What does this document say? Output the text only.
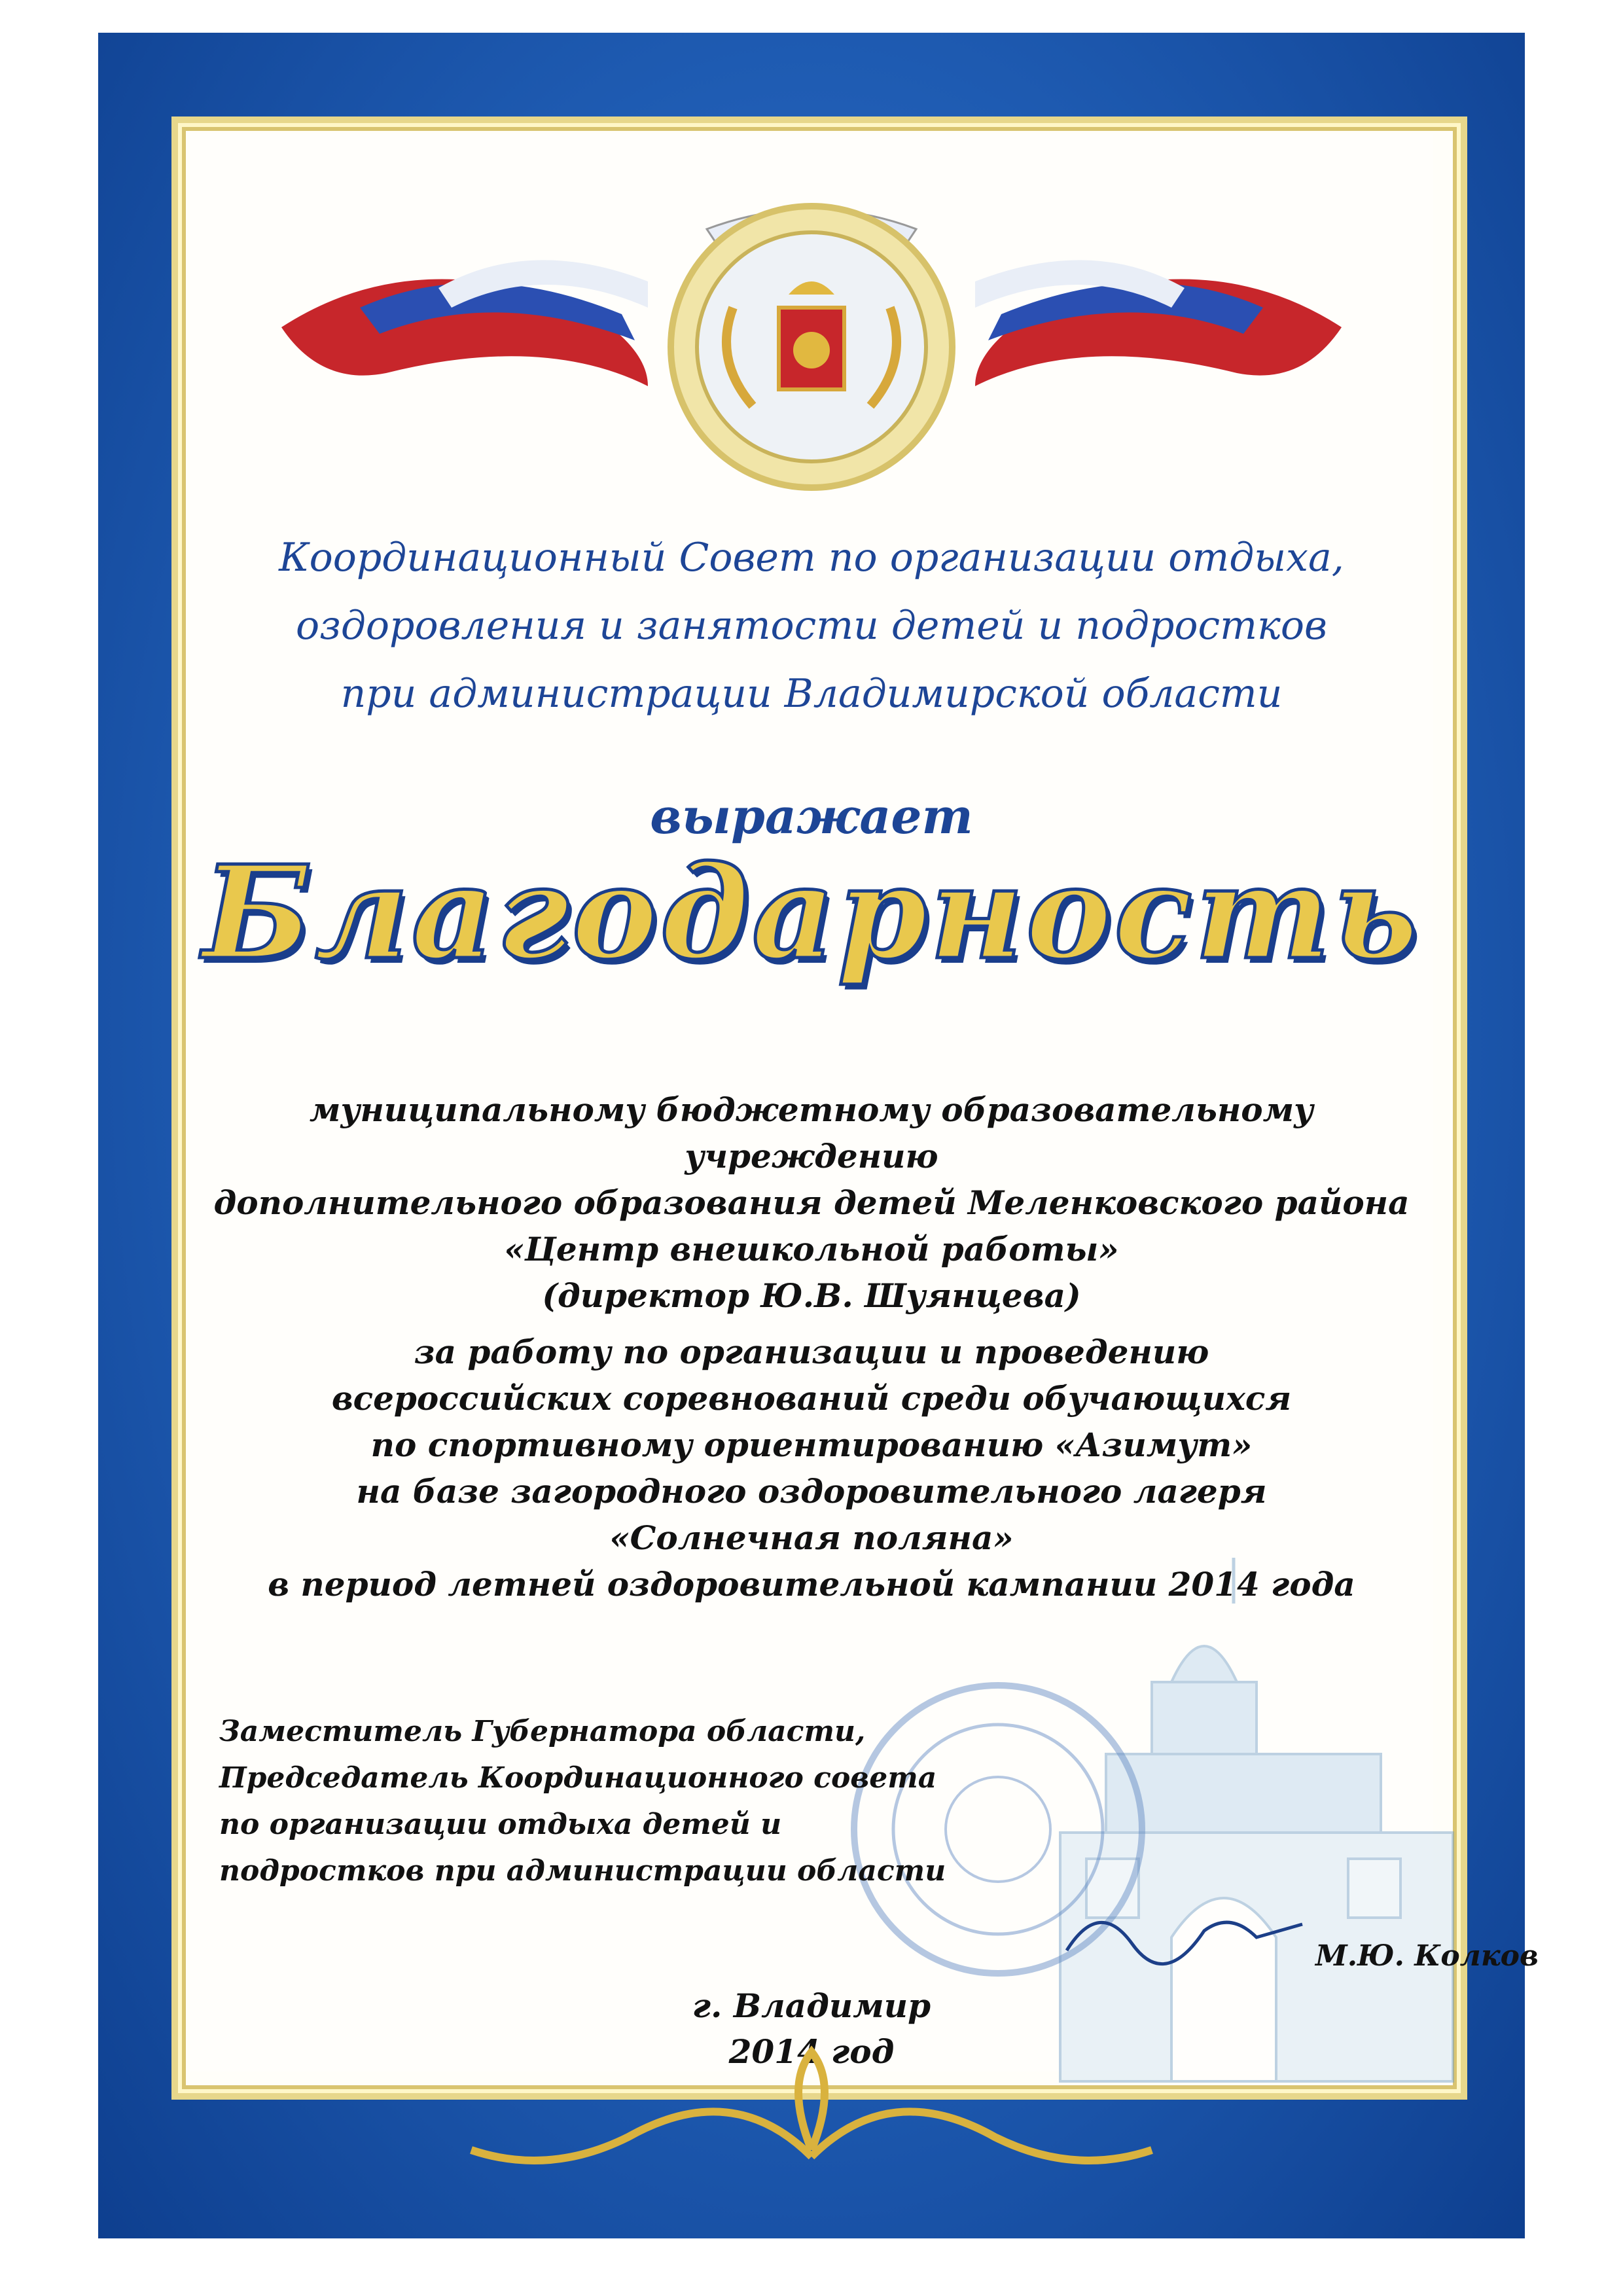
Координационный Совет по организации отдыха,
оздоровления и занятости детей и подростков
при администрации Владимирской области
выражает
Благодарность
муниципальному бюджетному образовательному учреждению
дополнительного образования детей Меленковского района
«Центр внешкольной работы»
(директор Ю.В. Шуянцева)
за работу по организации и проведению
всероссийских соревнований среди обучающихся
по спортивному ориентированию «Азимут»
на базе загородного оздоровительного лагеря
«Солнечная поляна»
в период летней оздоровительной кампании 2014 года
Заместитель Губернатора области,
Председатель Координационного совета
по организации отдыха детей и
подростков при администрации области
М.Ю. Колков
г. Владимир
2014 год
